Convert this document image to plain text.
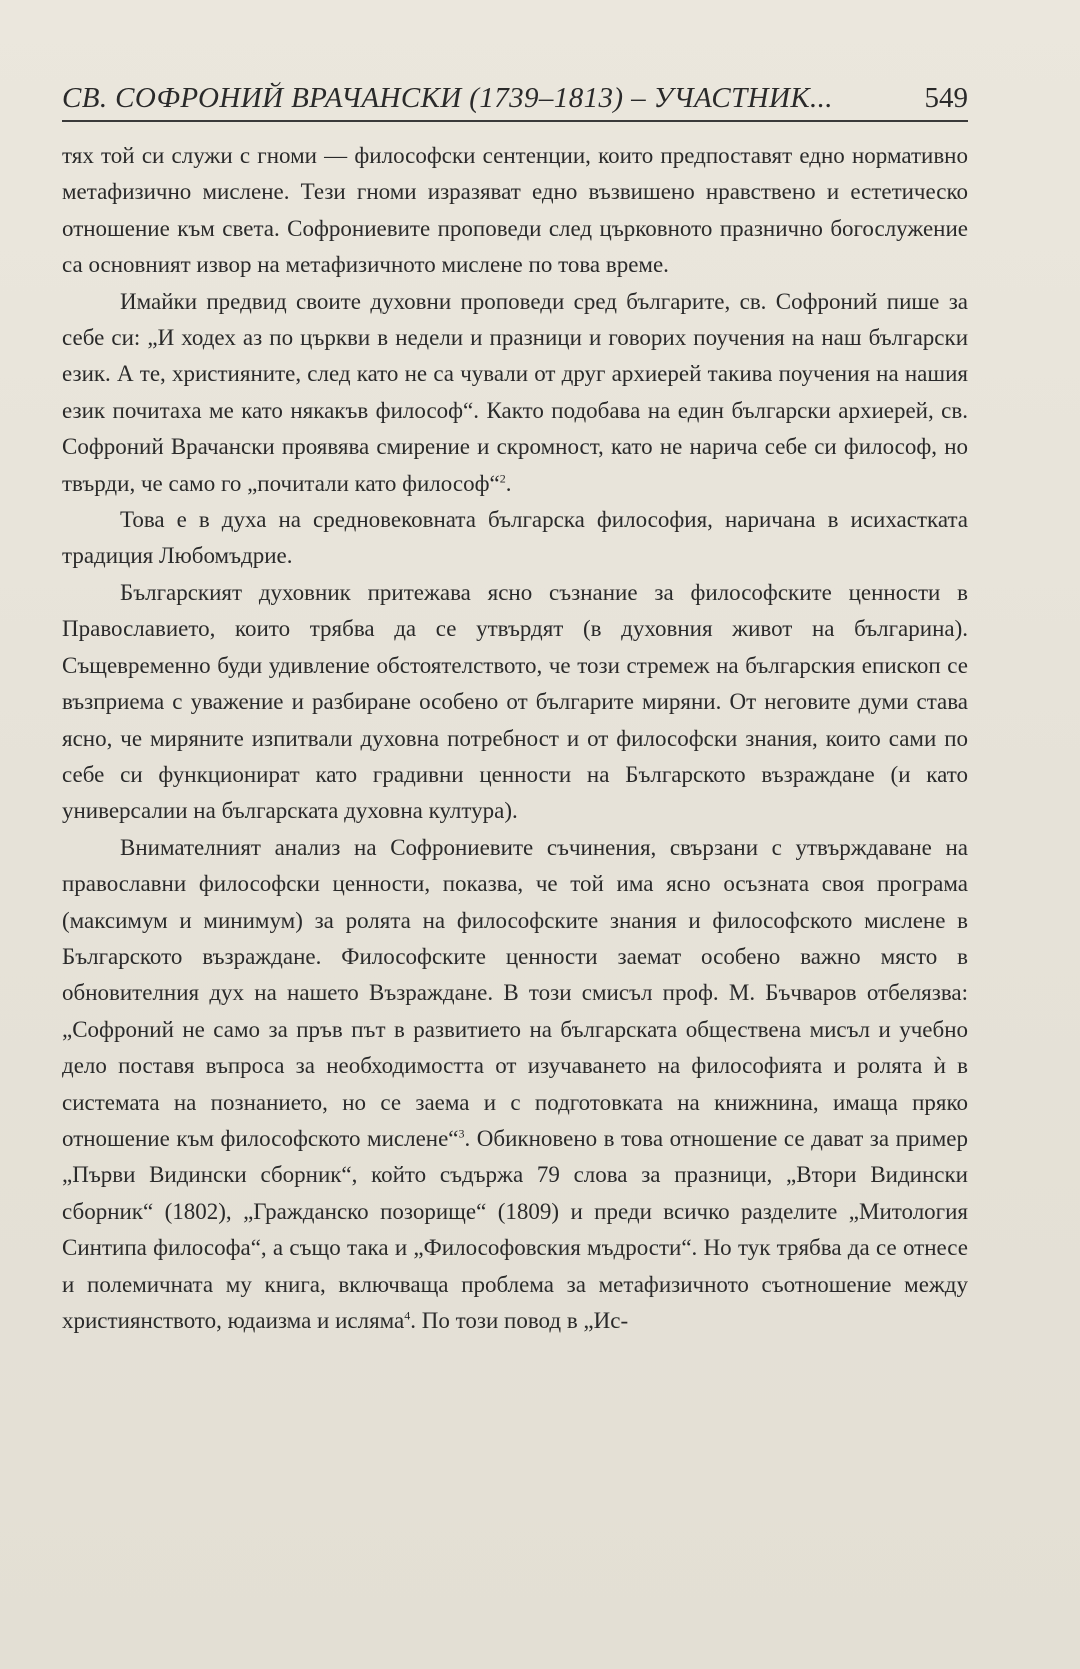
СВ. СОФРОНИЙ ВРАЧАНСКИ (1739–1813) – УЧАСТНИК...	549

тях той си служи с гноми — философски сентенции, които предпоставят едно нормативно метафизично мислене. Тези гноми изразяват едно възвишено нравствено и естетическо отношение към света. Софрониевите проповеди след църковното празнично богослужение са основният извор на метафизичното мислене по това време.

Имайки предвид своите духовни проповеди сред българите, св. Софроний пише за себе си: „И ходех аз по църкви в недели и празници и говорих поучения на наш български език. А те, християните, след като не са чували от друг архиерей такива поучения на нашия език почитаха ме като някакъв философ“. Както подобава на един български архиерей, св. Софроний Врачански проявява смирение и скромност, като не нарича себе си философ, но твърди, че само го „почитали като философ“$^2$.

Това е в духа на средновековната българска философия, наричана в исихастката традиция Любомъдрие.

Българският духовник притежава ясно съзнание за философските ценности в Православието, които трябва да се утвърдят (в духовния живот на българина). Същевременно буди удивление обстоятелството, че този стремеж на българския епископ се възприема с уважение и разбиране особено от българите миряни. От неговите думи става ясно, че миряните изпитвали духовна потребност и от философски знания, които сами по себе си функционират като градивни ценности на Българското възраждане (и като универсалии на българската духовна култура).

Внимателният анализ на Софрониевите съчинения, свързани с утвърждаване на православни философски ценности, показва, че той има ясно осъзната своя програма (максимум и минимум) за ролята на философските знания и философското мислене в Българското възраждане. Философските ценности заемат особено важно място в обновителния дух на нашето Възраждане. В този смисъл проф. М. Бъчваров отбелязва: „Софроний не само за пръв път в развитието на българската обществена мисъл и учебно дело поставя въпроса за необходимостта от изучаването на философията и ролята ѝ в системата на познанието, но се заема и с подготовката на книжнина, имаща пряко отношение към философското мислене“$^3$. Обикновено в това отношение се дават за пример „Първи Видински сборник“, който съдържа 79 слова за празници, „Втори Видински сборник“ (1802), „Гражданско позорище“ (1809) и преди всичко разделите „Митология Синтипа философа“, а също така и „Философовския мъдрости“. Но тук трябва да се отнесе и полемичната му книга, включваща проблема за метафизичното съотношение между християнството, юдаизма и исляма$^4$. По този повод в „Ис-
